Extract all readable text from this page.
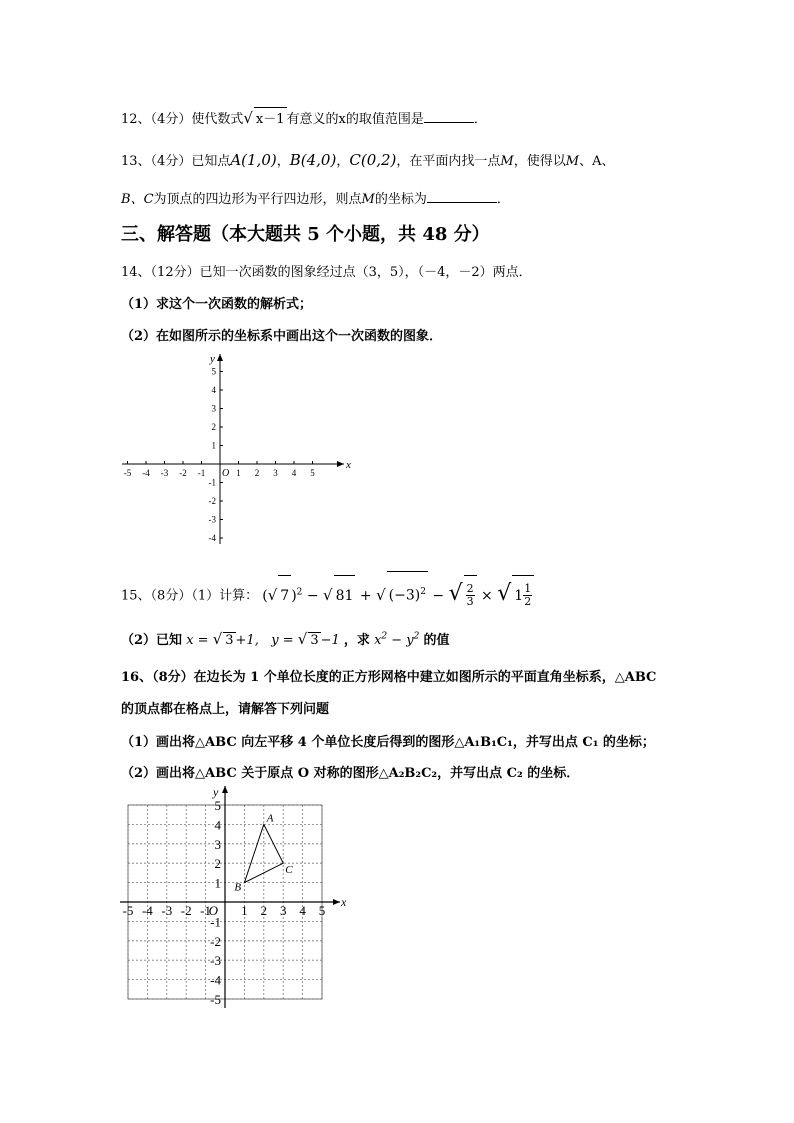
12、（4分）使代数式√ x－1 有意义的x的取值范围是	．
13、（4分）已知点A(1,0)，B(4,0)，C(0,2)，在平面内找一点M，使得以M、A、
B、C为顶点的四边形为平行四边形，则点M的坐标为	．
三、解答题（本大题共 5 个小题，共 48 分）
14、（12分）已知一次函数的图象经过点（3，5），（－4，－2）两点．
（1）求这个一次函数的解析式；
（2）在如图所示的坐标系中画出这个一次函数的图象．
-5 -4 -3 -2 -1	1 2 3 4 5
-4
-3
-2
-1
1
2
3
4
5
O
x
y
15、（8分）（1）计算： (√ 7 )$^2$ − √ 81 + √ $(-3)^2$ − √ $\frac{2}{3}$ × √ $1 \frac{1}{2}$
（2）已知 x = √ 3 +1, y = √ 3 −1 ，求 $x^2 - y^2$ 的值
16、（8分）在边长为 1 个单位长度的正方形网格中建立如图所示的平面直角坐标系，△ABC
的顶点都在格点上，请解答下列问题
（1）画出将△ABC 向左平移 4 个单位长度后得到的图形△A₁B₁C₁，并写出点 C₁ 的坐标；
（2）画出将△ABC 关于原点 O 对称的图形△A₂B₂C₂，并写出点 C₂ 的坐标．
-5 -4 -3 -2 -1 1 2 3 4 5
-5
-4
-3
-2
-1
1
2
3
4
5
O
x
y
A
B
C
